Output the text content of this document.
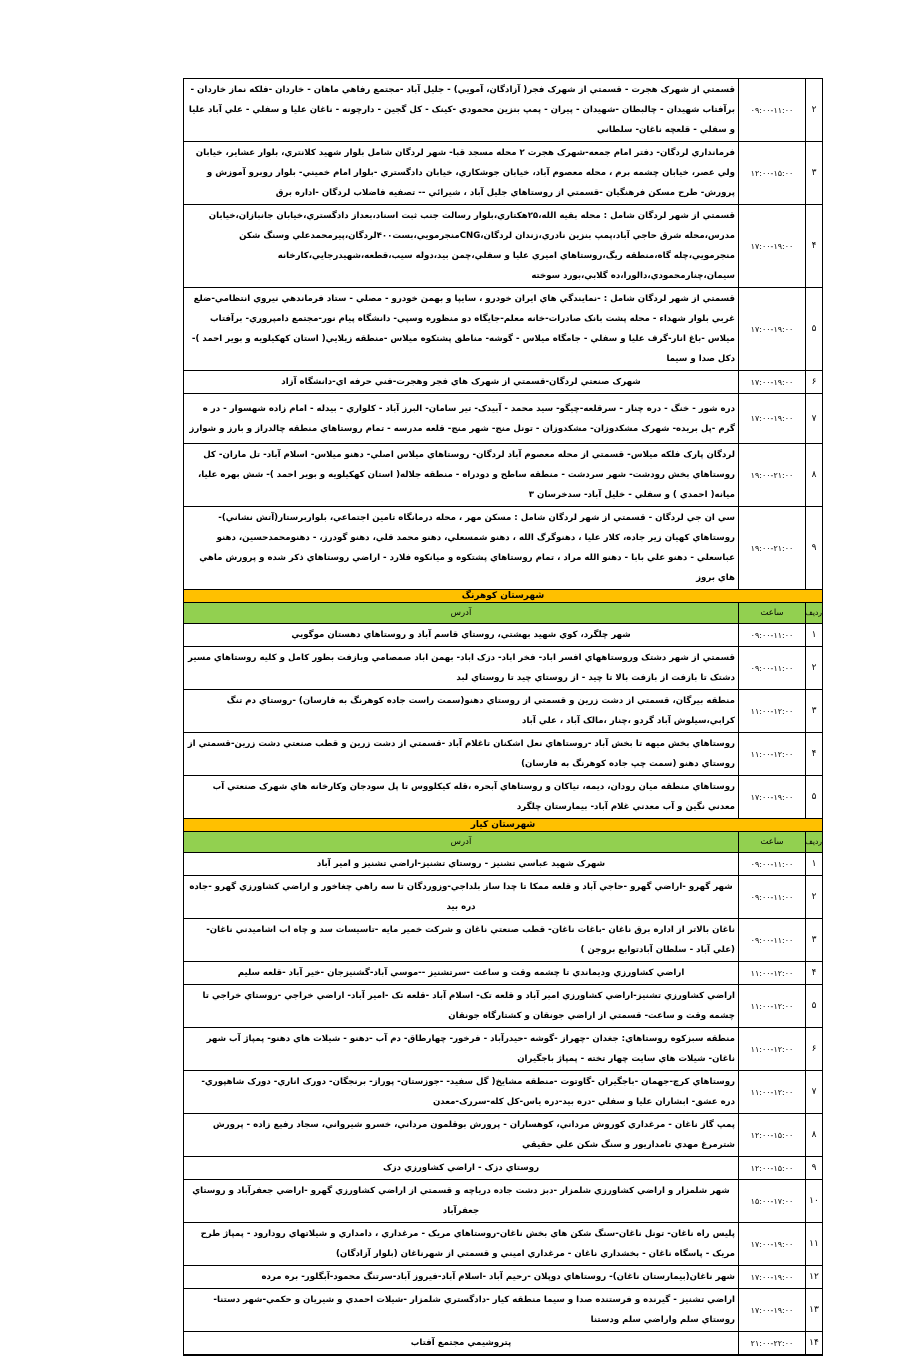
۲	۰۹:۰۰-۱۱:۰۰	قسمتي از شهرک هجرت - قسمتي از شهرک فجر( آزادگان، آمويي) - جليل آباد -مجتمع رفاهي ماهان - خاردان -فلکه نماز خاردان - برآفتاب شهيدان - چالبطان -شهيدان - پيران - پمپ بنزين محمودي -کينک - کل گجين - دارچونه - ناغان عليا و سفلي - علي آباد عليا و سفلي - قلعچه ناغان- سلطاني
۳	۱۲:۰۰-۱۵:۰۰	فرمانداري لردگان- دفتر امام جمعه-شهرک هجرت ۲ محله مسجد قبا- شهر لردگان شامل بلوار شهيد کلانتري، بلوار عشاير، خيابان ولي عصر، خيابان چشمه برم ، محله معصوم آباد، خيابان جوشکاري، خيابان دادگستري -بلوار امام خميني- بلوار روبرو آموزش و پرورش- طرح مسکن فرهنگيان -قسمتي از روستاهاي جليل آباد ، شيرائي -- تصفيه فاضلاب لردگان -اداره برق
۴	۱۷:۰۰-۱۹:۰۰	قسمتي از شهر لردگان شامل : محله بقيه الله،۲۵هکتاري،بلوار رسالت جنب ثبت اسناد،بعداز دادگستري،خيابان جانبازان،خيابان مدرس،محله شرق حاجي آباد،پمپ بنزين نادري،زندان لردگان،CNGمنجرمويي،بست۴۰۰لردگان،پيرمحمدعلي وسنگ شکن منجرمويي،چله گاه،منطقه ريگ،روستاهاي اميري عليا و سفلي،چمن بيد،دوله سيب،قطعه،شهيدرجايي،کارخانه سيمان،چنارمحمودي،دالورا،ده گلابي،بورد سوخته
۵	۱۷:۰۰-۱۹:۰۰	قسمتي از شهر لردگان شامل : -نمايندگي هاي ايران خودرو ، سايپا و بهمن خودرو - مصلي - ستاد فرماندهي نيروي انتظامي-ضلع غربي بلوار شهداء - محله پشت بانک صادرات-خانه معلم-جايگاه دو منظوره وسپي- دانشگاه پيام نور-مجتمع دامپروري- برآفتاب ميلاس -باغ انار-گرف عليا و سفلي - جامگاه ميلاس - گوشه- مناطق پشتکوه ميلاس -منطقه زيلايي( استان کهکيلويه و بوير احمد )- دکل صدا و سيما
۶	۱۷:۰۰-۱۹:۰۰	شهرک صنعتي لردگان-قسمتي از شهرک هاي فجر وهجرت-فني حرفه اي-دانشگاه آزاد
۷	۱۷:۰۰-۱۹:۰۰	دره شور - خنگ - دره چنار - سرقلعه-چيگو- سيد محمد - آبيدک- تير سامان- البرز آباد - کلواري - بيدله - امام زاده شهسوار - در ه گرم -پل بريده- شهرک مشکدوزان- مشکدوزان - تونل منج- شهر منج- قلعه مدرسه - تمام روستاهاي منطقه چالدراز و بارز و شوارز
۸	۱۹:۰۰-۲۱:۰۰	لردگان پارک فلکه ميلاس- قسمتي از محله معصوم آباد لردگان- روستاهاي ميلاس اصلي- دهنو ميلاس- اسلام آباد- تل ماران- کل روستاهاي بخش رودشت- شهر سردشت - منطقه ساطح و دودراه - منطقه جلاله( استان کهکيلويه و بوير احمد )- شش بهره عليا، ميانه( احمدي ) و سفلي - خليل آباد- سدخرسان ۳
۹	۱۹:۰۰-۲۱:۰۰	سي ان جي لردگان - قسمتي از شهر لردگان شامل : مسکن مهر ، محله درمانگاه تامين اجتماعي، بلواربرستار(آتش نشاني)-روستاهاي کهيان زير جاده، کلار عليا ، دهنوگرگ الله ، دهنو شمسعلي، دهنو محمد قلي، دهنو گودرز، - دهنومحمدحسين، دهنو عباسعلي - دهنو علي بابا - دهنو الله مراد ، تمام روستاهاي پشتکوه و ميانکوه فلارد - اراضي روستاهاي ذکر شده و پرورش ماهي هاي بروز
شهرستان کوهرنگ		
رديف	ساعت	آدرس
۱	۰۹:۰۰-۱۱:۰۰	شهر چلگرد، کوي شهيد بهشتي، روستاي قاسم آباد و روستاهاي دهستان موگويي
۲	۰۹:۰۰-۱۱:۰۰	قسمتي از شهر دشتک وروستاههاي افسر اباد- فخر اباد- دزک اباد- بهمن اباد صمصامي وبازفت بطور کامل و کليه روستاهاي مسير دشتک تا بازفت از بازفت بالا تا چيد - از روستاي چيد تا روستاي لبد
۳	۱۱:۰۰-۱۲:۰۰	منطقه بيرگان، قسمتي از دشت زرين و قسمتي از روستاي دهنو(سمت راست جاده کوهرنگ به فارسان) -روستاي دم تنگ کرابي،سيلوش آباد گردو ،چنار ،مالک آباد ، علي آباد
۴	۱۱:۰۰-۱۲:۰۰	روستاهاي بخش ميهه تا بخش آباد -روستاهاي نعل اشکنان تاغلام آباد -قسمتي از دشت زرين و قطب صنعتي دشت زرين-قسمتي از روستاي دهنو (سمت چپ جاده کوهرنگ به فارسان)
۵	۱۷:۰۰-۱۹:۰۰	روستاهاي منطقه ميان رودان، ديمه، تياکان و روستاهاي آبحره ،قله کيکلووس تا پل سودجان وکارخانه هاي شهرک صنعتي آب معدني نگين و آب معدني غلام آباد- بيمارستان چلگرد
شهرستان کيار		
رديف	ساعت	آدرس
۱	۰۹:۰۰-۱۱:۰۰	شهرک شهيد عباسي تشنيز - روستاي تشنيز-اراضي تشنيز و امير آباد
۲	۰۹:۰۰-۱۱:۰۰	شهر گهرو -اراضي گهرو -حاجي آباد و قلعه ممکا تا چدا ساز بلداجي-وزوردگان تا سه راهي چغاخور و اراضي کشاورزي گهرو -جاده دره بيد
۳	۰۹:۰۰-۱۱:۰۰	ناغان بالاتر از اداره برق ناغان -باغات ناغان- قطب صنعتي ناغان و شرکت خمير مايه -تاسيسات سد و چاه اب اشاميدني ناغان- (علي آباد - سلطان آبادتوابع بروجن )
۴	۱۱:۰۰-۱۲:۰۰	اراضي کشاورزي وديماندي تا چشمه وقت و ساعت -سرتشنيز --موسي آباد-گشنيزجان -خير آباد -قلعه سليم
۵	۱۱:۰۰-۱۲:۰۰	اراضي کشاورزي تشنيز-اراضي کشاورزي امير آباد و قلعه تک- اسلام آباد -قلعه تک -امير آباد- اراضي خراجي -روستاي خراجي تا چشمه وقت و ساعت- قسمتي از اراضي جونقان و کشتارگاه جونقان
۶	۱۱:۰۰-۱۲:۰۰	منطقه سبزکوه روستاهاي: جغدان -چهراز -گوشه -حيدرآباد - فرخور- چهارطاق- دم آب -دهنو - شيلات هاي دهنو- پمپاژ آب شهر ناغان- شيلات هاي سايت چهار تخته - پمپاژ باجگيران
۷	۱۱:۰۰-۱۲:۰۰	روستاهاي کرچ-جهمان -باجگيران -گاوتوت -منطقه مشايخ( گل سفيد- -جوزستان- پوراز- برنجگان- دورک اناري- دورک شاهپوري-دره عشق- ابشاران عليا و سفلي -دره بيد-دره ياس-کل کله-سررک-معدن
۸	۱۲:۰۰-۱۵:۰۰	پمپ گاز ناغان - مرغداري کوروش مرداني، کوهساران - پرورش بوقلمون مرداني، خسرو شيرواني، سجاد رفيع زاده - پرورش شترمرغ مهدي تامداريور و سنگ شکن علي حقيقي
۹	۱۲:۰۰-۱۵:۰۰	روستاي دزک - اراضي کشاورزي دزک
۱۰	۱۵:۰۰-۱۷:۰۰	شهر شلمزار و اراضي کشاورزي شلمزار -دبز دشت جاده درياچه و قسمتي از اراضي کشاورزي گهرو -اراضي جعفرآباد و روستاي جعفرآباد
۱۱	۱۷:۰۰-۱۹:۰۰	پليس راه ناغان- تونل ناغان-سنگ شکن هاي بخش ناغان-روستاهاي مريک - مرغداري ، دامداري و شيلاتهاي رودارود - پمپاژ طرح مريک - پاسگاه ناغان - بخشداري ناغان - مرغداري اميني و قسمتي از شهرناغان (بلوار آزادگان)
۱۲	۱۷:۰۰-۱۹:۰۰	شهر ناغان(بيمارستان ناغان)- روستاهاي دوپلان -رحيم آباد -اسلام آباد-فيروز آباد-سرتنگ محمود-آبگلور- بره مرده
۱۳	۱۷:۰۰-۱۹:۰۰	اراضي تشنيز - گيرنده و فرستنده صدا و سيما منطقه کيار -دادگستري شلمزار -شيلات احمدي و شيريان و حکمي-شهر دستنا- روستاي سلم واراضي سلم ودستنا
۱۴	۲۱:۰۰-۲۲:۰۰	پتروشيمي مجتمع آفتاب
